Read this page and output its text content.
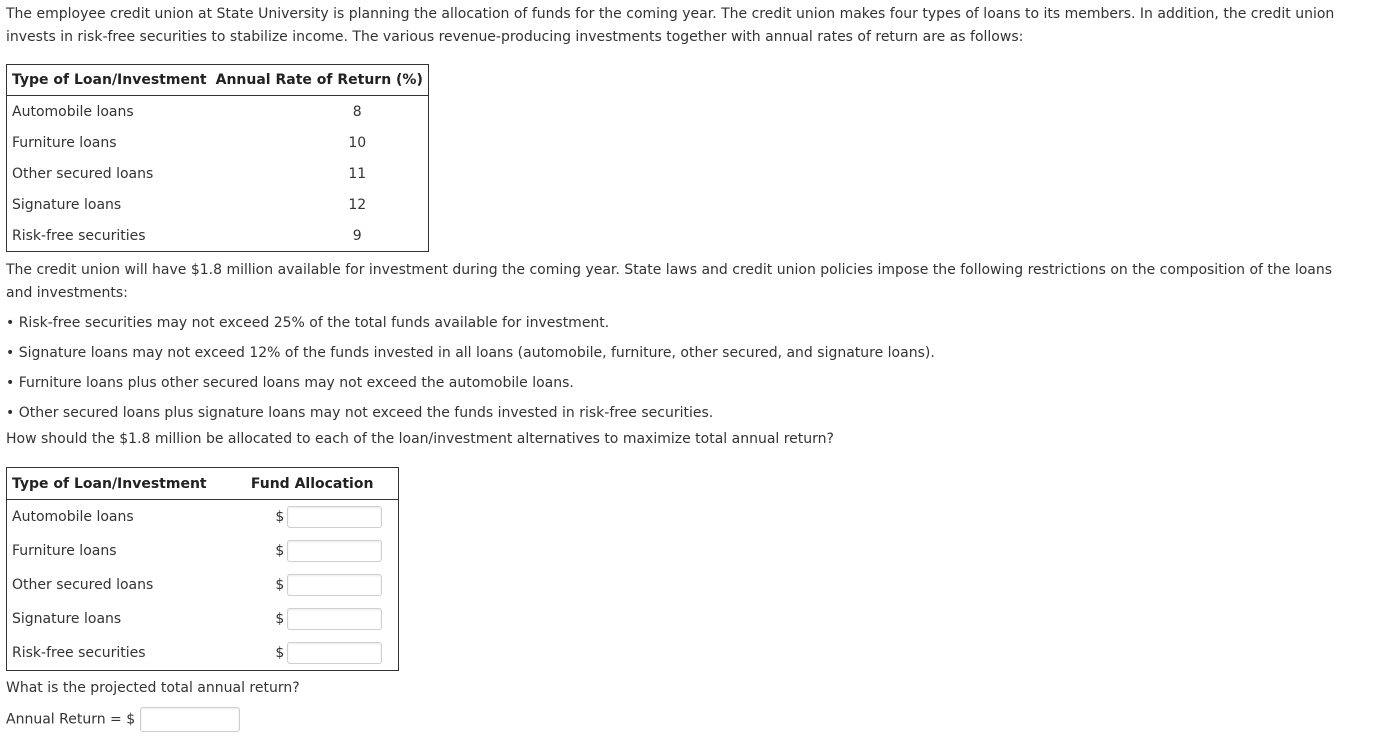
The employee credit union at State University is planning the allocation of funds for the coming year. The credit union makes four types of loans to its members. In addition, the credit union invests in risk-free securities to stabilize income. The various revenue-producing investments together with annual rates of return are as follows:

Type of Loan/Investment	Annual Rate of Return (%)
Automobile loans	8
Furniture loans	10
Other secured loans	11
Signature loans	12
Risk-free securities	9

The credit union will have $1.8 million available for investment during the coming year. State laws and credit union policies impose the following restrictions on the composition of the loans and investments:

• Risk-free securities may not exceed 25% of the total funds available for investment.
• Signature loans may not exceed 12% of the funds invested in all loans (automobile, furniture, other secured, and signature loans).
• Furniture loans plus other secured loans may not exceed the automobile loans.
• Other secured loans plus signature loans may not exceed the funds invested in risk-free securities.
How should the $1.8 million be allocated to each of the loan/investment alternatives to maximize total annual return?
Type of Loan/Investment	Fund Allocation
Automobile loans	$
Furniture loans	$
Other secured loans	$
Signature loans	$
Risk-free securities	$
What is the projected total annual return?
Annual Return = $
